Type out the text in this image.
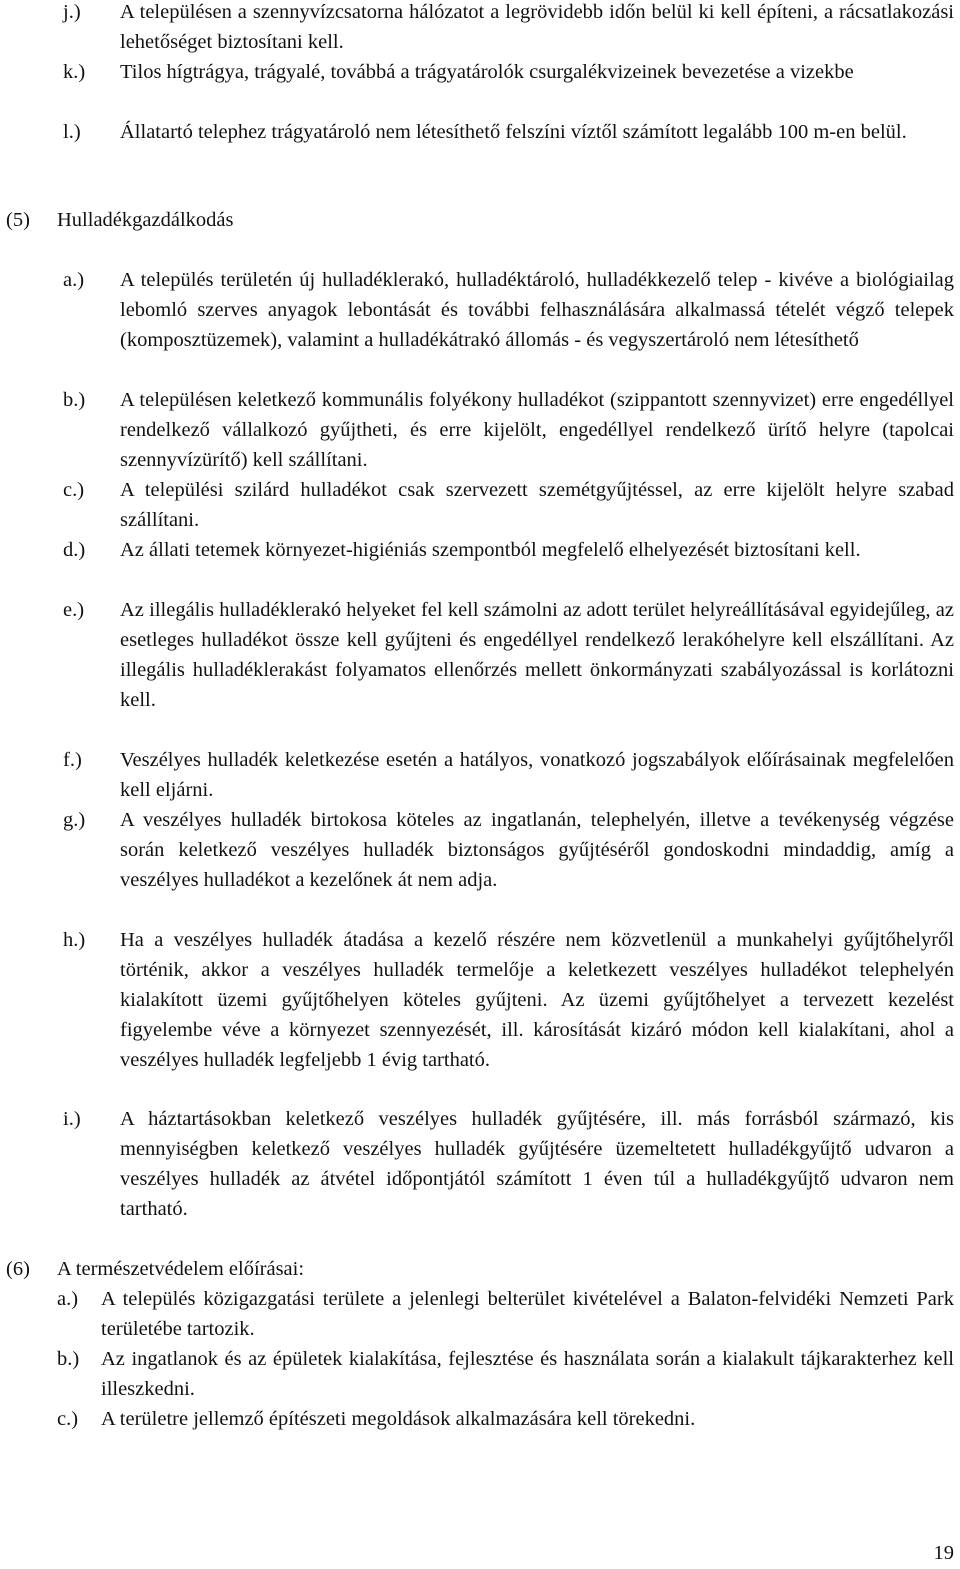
j.) A településen a szennyvízcsatorna hálózatot a legrövidebb időn belül ki kell építeni, a rácsatlakozási lehetőséget biztosítani kell.
k.) Tilos hígtrágya, trágyalé, továbbá a trágyatárolók csurgalékvizeinek bevezetése a vizekbe
l.) Állatartó telephez trágyatároló nem létesíthető felszíni víztől számított legalább 100 m-en belül.
(5) Hulladékgazdálkodás
a.) A település területén új hulladéklerakó, hulladéktároló, hulladékkezelő telep - kivéve a biológiailag lebomló szerves anyagok lebontását és további felhasználására alkalmassá tételét végző telepek (komposztüzemek), valamint a hulladékátrakó állomás - és vegyszertároló nem létesíthető
b.) A településen keletkező kommunális folyékony hulladékot (szippantott szennyvizet) erre engedéllyel rendelkező vállalkozó gyűjtheti, és erre kijelölt, engedéllyel rendelkező ürítő helyre (tapolcai szennyvízürítő) kell szállítani.
c.) A települési szilárd hulladékot csak szervezett szemétgyűjtéssel, az erre kijelölt helyre szabad szállítani.
d.) Az állati tetemek környezet-higiéniás szempontból megfelelő elhelyezését biztosítani kell.
e.) Az illegális hulladéklerakó helyeket fel kell számolni az adott terület helyreállításával egyidejűleg, az esetleges hulladékot össze kell gyűjteni és engedéllyel rendelkező lerakóhelyre kell elszállítani. Az illegális hulladéklerakást folyamatos ellenőrzés mellett önkormányzati szabályozással is korlátozni kell.
f.) Veszélyes hulladék keletkezése esetén a hatályos, vonatkozó jogszabályok előírásainak megfelelően kell eljárni.
g.) A veszélyes hulladék birtokosa köteles az ingatlanán, telephelyén, illetve a tevékenység végzése során keletkező veszélyes hulladék biztonságos gyűjtéséről gondoskodni mindaddig, amíg a veszélyes hulladékot a kezelőnek át nem adja.
h.) Ha a veszélyes hulladék átadása a kezelő részére nem közvetlenül a munkahelyi gyűjtőhelyről történik, akkor a veszélyes hulladék termelője a keletkezett veszélyes hulladékot telephelyén kialakított üzemi gyűjtőhelyen köteles gyűjteni. Az üzemi gyűjtőhelyet a tervezett kezelést figyelembe véve a környezet szennyezését, ill. károsítását kizáró módon kell kialakítani, ahol a veszélyes hulladék legfeljebb 1 évig tartható.
i.) A háztartásokban keletkező veszélyes hulladék gyűjtésére, ill. más forrásból származó, kis mennyiségben keletkező veszélyes hulladék gyűjtésére üzemeltetett hulladékgyűjtő udvaron a veszélyes hulladék az átvétel időpontjától számított 1 éven túl a hulladékgyűjtő udvaron nem tartható.
(6) A természetvédelem előírásai:
a.) A település közigazgatási területe a jelenlegi belterület kivételével a Balaton-felvidéki Nemzeti Park területébe tartozik.
b.) Az ingatlanok és az épületek kialakítása, fejlesztése és használata során a kialakult tájkarakterhez kell illeszkedni.
c.) A területre jellemző építészeti megoldások alkalmazására kell törekedni.
19
